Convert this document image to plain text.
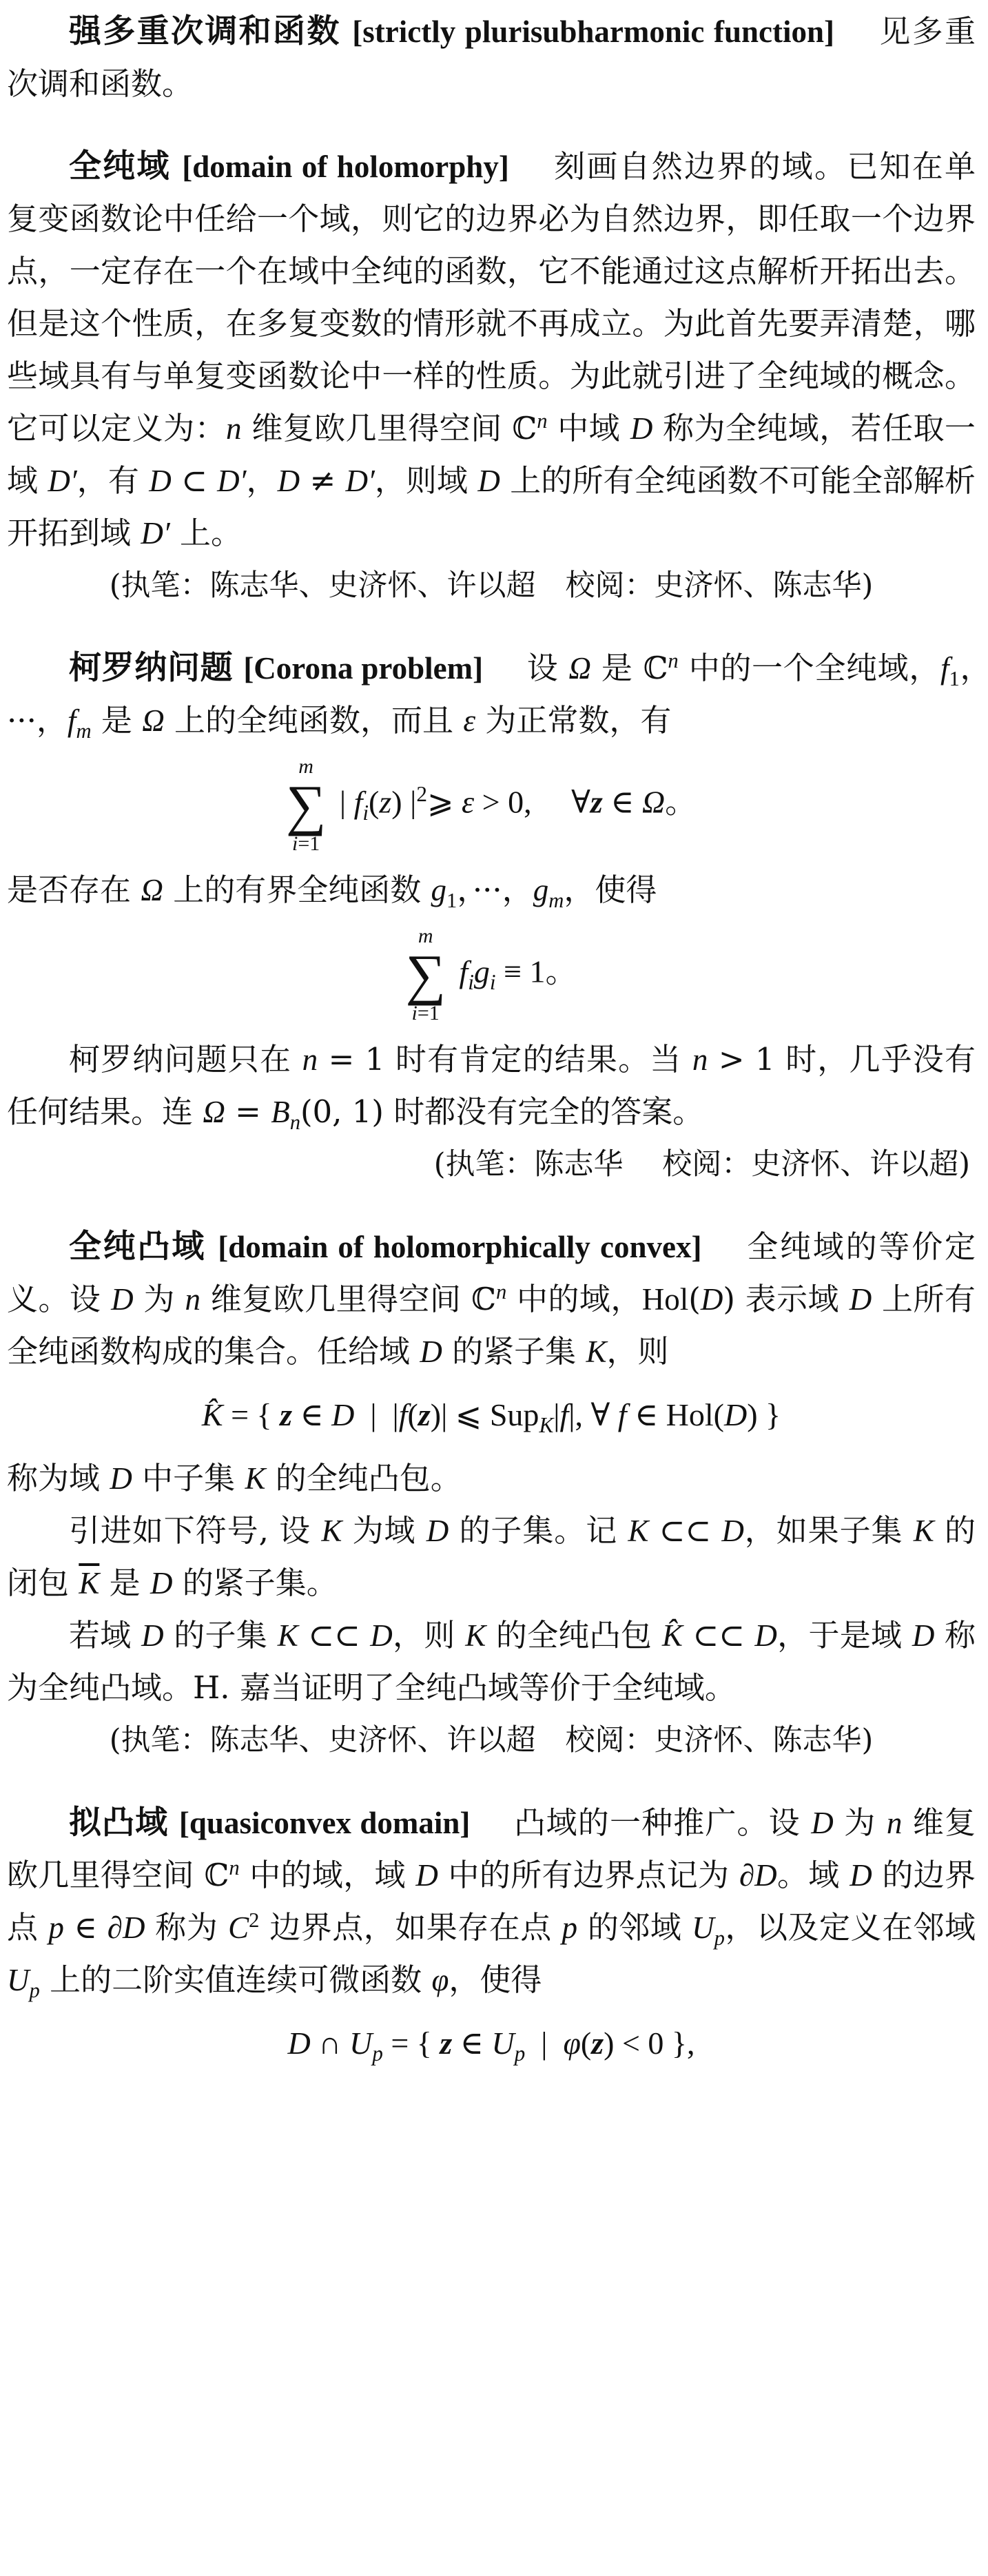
强多重次调和函数 [strictly plurisubharmonic function] 见多重次调和函数。

全纯域 [domain of holomorphy] 刻画自然边界的域。已知在单复变函数论中任给一个域，则它的边界必为自然边界，即任取一个边界点，一定存在一个在域中全纯的函数，它不能通过这点解析开拓出去。但是这个性质，在多复变数的情形就不再成立。为此首先要弄清楚，哪些域具有与单复变函数论中一样的性质。为此就引进了全纯域的概念。它可以定义为：n 维复欧几里得空间 ℂ$^n$ 中域 D 称为全纯域，若任取一域 D′，有 D ⊂ D′，D ≠ D′，则域 D 上的所有全纯函数不可能全部解析开拓到域 D′ 上。

(执笔：陈志华、史济怀、许以超　校阅：史济怀、陈志华)

柯罗纳问题 [Corona problem] 设 Ω 是 ℂ$^n$ 中的一个全纯域，$f_1$，···，$f_m$ 是 Ω 上的全纯函数，而且 ε 为正常数，有

m
∑
i=1
| $f_i(z)$ $|^2⩾$ ε > 0,     ∀z ∈ Ω。

是否存在 Ω 上的有界全纯函数 $g_1$，···，$g_m$，使得

m
∑
i=1
$f_ig_i \equiv 1$。

柯罗纳问题只在 n = 1 时有肯定的结果。当 n > 1 时，几乎没有任何结果。连 $\Omega = B_n(0$, 1) 时都没有完全的答案。

(执笔：陈志华　 校阅：史济怀、许以超)

全纯凸域 [domain of holomorphically convex] 全纯域的等价定义。设 D 为 n 维复欧几里得空间 ℂ$^n$ 中的域，Hol(D) 表示域 D 上所有全纯函数构成的集合。任给域 D 的紧子集 K，则

K̂ = { z ∈ D  |  |f(z)| ⩽ Sup$_K$|f|, ∀ f ∈ Hol(D) }

称为域 D 中子集 K 的全纯凸包。

引进如下符号, 设 K 为域 D 的子集。记 K ⊂⊂ D，如果子集 K 的闭包 $\overline{K}$ 是 D 的紧子集。

若域 D 的子集 K ⊂⊂ D，则 K 的全纯凸包 K̂ ⊂⊂ D，于是域 D 称为全纯凸域。H. 嘉当证明了全纯凸域等价于全纯域。

(执笔：陈志华、史济怀、许以超　校阅：史济怀、陈志华)

拟凸域 [quasiconvex domain] 凸域的一种推广。设 D 为 n 维复欧几里得空间 ℂ$^n$ 中的域，域 D 中的所有边界点记为 ∂D。域 D 的边界点 p ∈ ∂D 称为 $C^2$ 边界点，如果存在点 p 的邻域 $U_p$，以及定义在邻域 $U_p$ 上的二阶实值连续可微函数 φ，使得

D ∩ $U_p$ = { z ∈ $U_p$  |  φ(z) < 0 },
